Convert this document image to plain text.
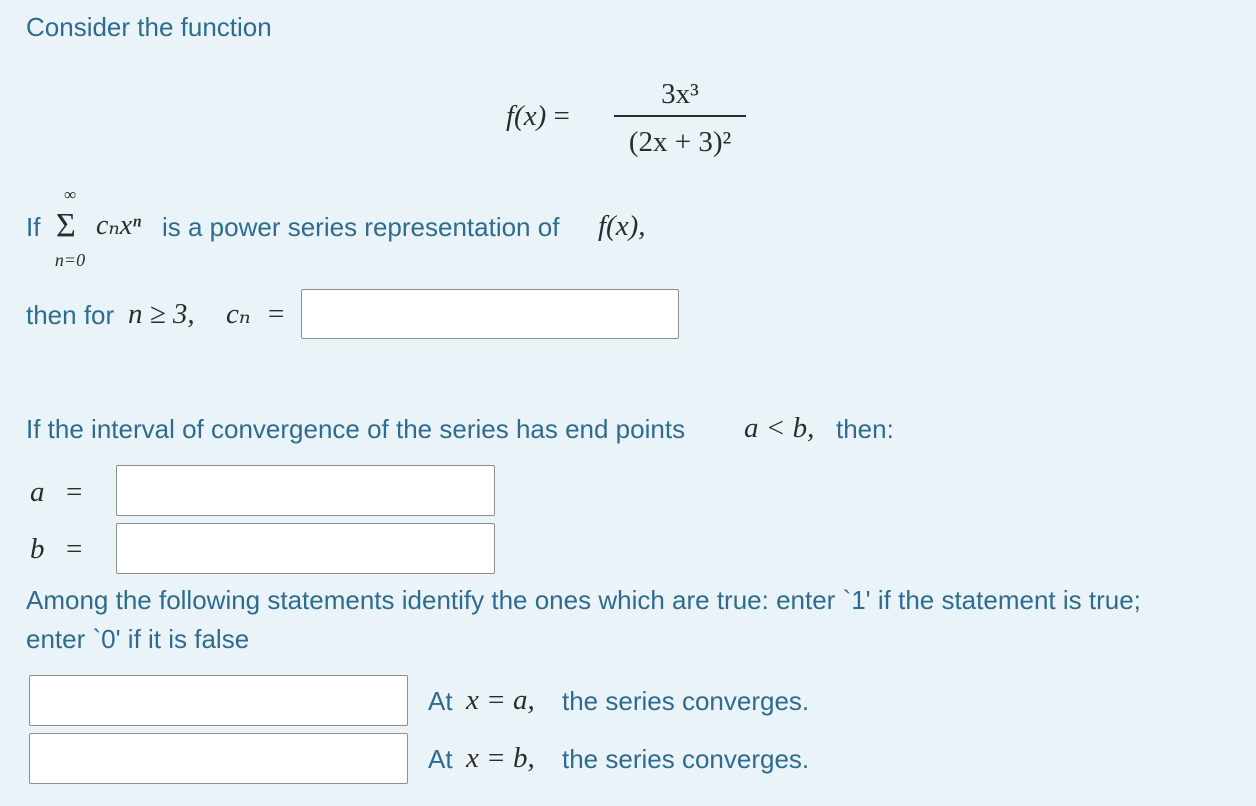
Consider the function
f(x) =
3x³
(2x + 3)²
∞
If Σ
n=0
cₙxⁿ is a power series representation of f(x),
then for n ≥ 3, cₙ =
If the interval of convergence of the series has end points a < b, then:
a =
b =
Among the following statements identify the ones which are true: enter `1' if the statement is true;
enter `0' if it is false
At x = a, the series converges.
At x = b, the series converges.
